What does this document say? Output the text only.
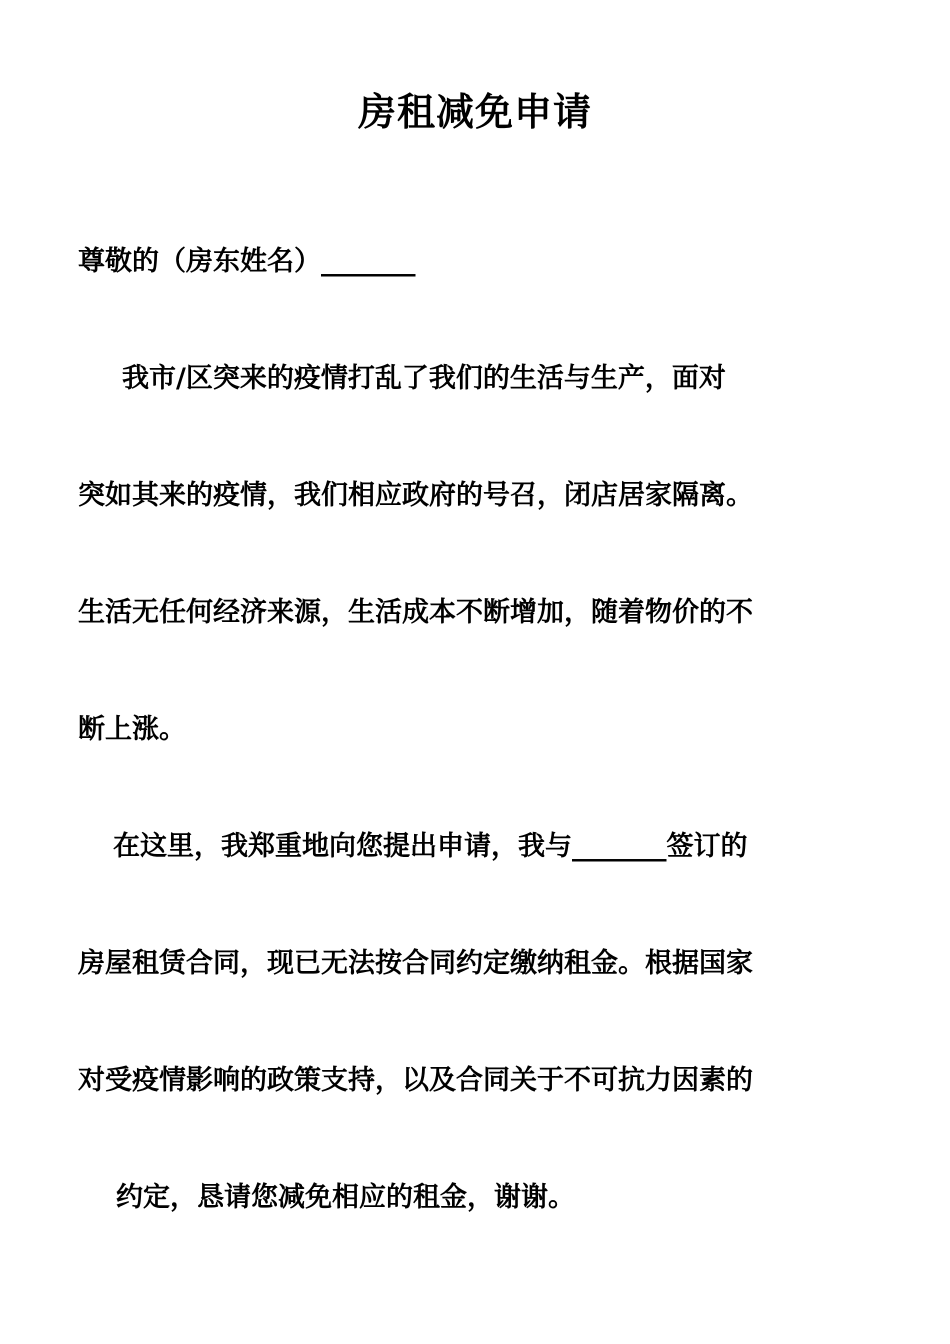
房租减免申请
尊敬的（房东姓名）_______
我市/区突来的疫情打乱了我们的生活与生产，面对
突如其来的疫情，我们相应政府的号召，闭店居家隔离。
生活无任何经济来源，生活成本不断增加，随着物价的不
断上涨。
在这里，我郑重地向您提出申请，我与_______签订的
房屋租赁合同，现已无法按合同约定缴纳租金。根据国家
对受疫情影响的政策支持，以及合同关于不可抗力因素的
约定，恳请您减免相应的租金，谢谢。
